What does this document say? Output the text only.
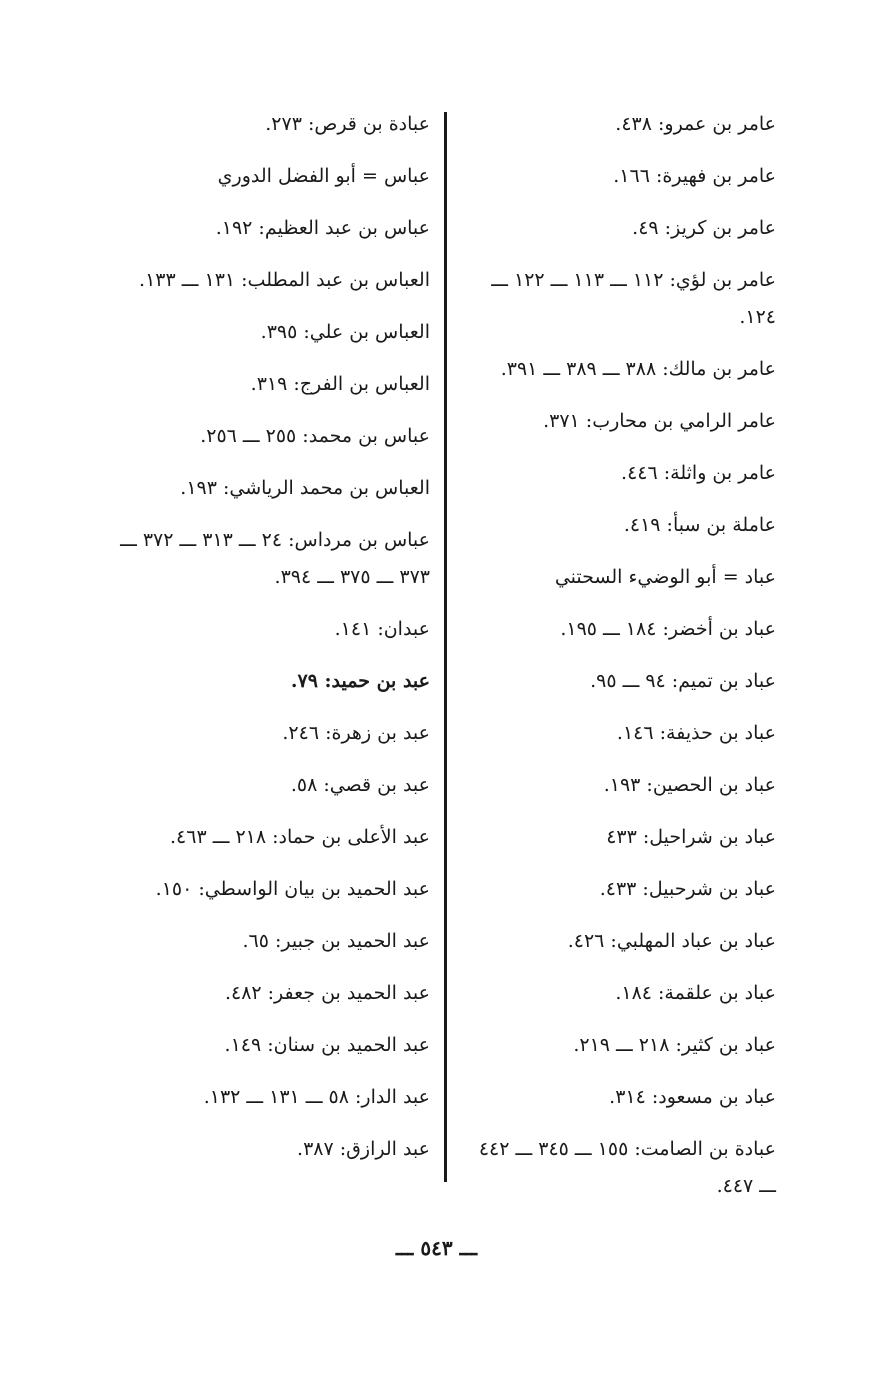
عامر بن عمرو: ٤٣٨.
عامر بن فهيرة: ١٦٦.
عامر بن كريز: ٤٩.
عامر بن لؤي: ١١٢ ـــ ١١٣ ـــ ١٢٢ ـــ ١٢٤.
عامر بن مالك: ٣٨٨ ـــ ٣٨٩ ـــ ٣٩١.
عامر الرامي بن محارب: ٣٧١.
عامر بن واثلة: ٤٤٦.
عاملة بن سبأ: ٤١٩.
عباد = أبو الوضيء السحتني
عباد بن أخضر: ١٨٤ ـــ ١٩٥.
عباد بن تميم: ٩٤ ـــ ٩٥.
عباد بن حذيفة: ١٤٦.
عباد بن الحصين: ١٩٣.
عباد بن شراحيل: ٤٣٣
عباد بن شرحبيل: ٤٣٣.
عباد بن عباد المهلبي: ٤٢٦.
عباد بن علقمة: ١٨٤.
عباد بن كثير: ٢١٨ ـــ ٢١٩.
عباد بن مسعود: ٣١٤.
عبادة بن الصامت: ١٥٥ ـــ ٣٤٥ ـــ ٤٤٢ ـــ ٤٤٧.
عبادة بن قرص: ٢٧٣.
عباس = أبو الفضل الدوري
عباس بن عبد العظيم: ١٩٢.
العباس بن عبد المطلب: ١٣١ ـــ ١٣٣.
العباس بن علي: ٣٩٥.
العباس بن الفرج: ٣١٩.
عباس بن محمد: ٢٥٥ ـــ ٢٥٦.
العباس بن محمد الرياشي: ١٩٣.
عباس بن مرداس: ٢٤ ـــ ٣١٣ ـــ ٣٧٢ ـــ ٣٧٣ ـــ ٣٧٥ ـــ ٣٩٤.
عبدان: ١٤١.
عبد بن حميد: ٧٩.
عبد بن زهرة: ٢٤٦.
عبد بن قصي: ٥٨.
عبد الأعلى بن حماد: ٢١٨ ـــ ٤٦٣.
عبد الحميد بن بيان الواسطي: ١٥٠.
عبد الحميد بن جبير: ٦٥.
عبد الحميد بن جعفر: ٤٨٢.
عبد الحميد بن سنان: ١٤٩.
عبد الدار: ٥٨ ـــ ١٣١ ـــ ١٣٢.
عبد الرازق: ٣٨٧.
ـــ ٥٤٣ ـــ
